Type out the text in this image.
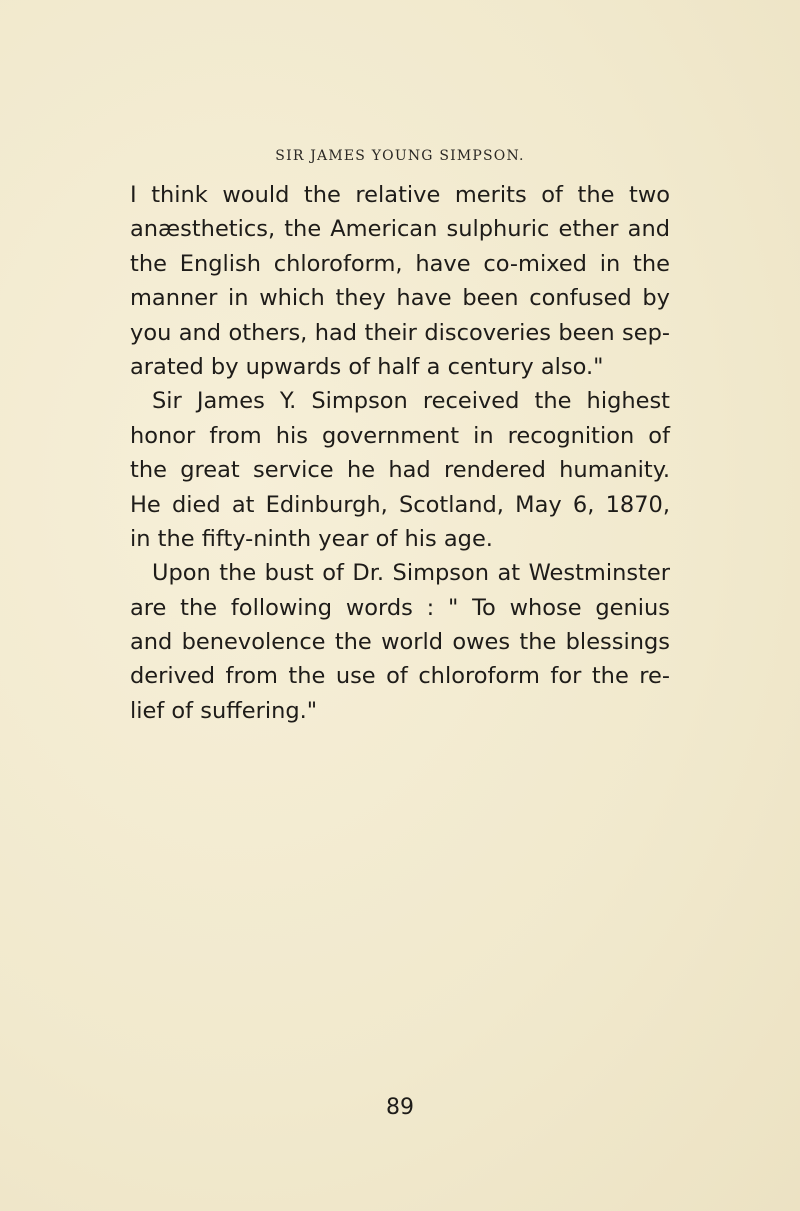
SIR JAMES YOUNG SIMPSON.
I think would the relative merits of the two
anæsthetics, the American sulphuric ether and
the English chloroform, have co-mixed in the
manner in which they have been confused by
you and others, had their discoveries been sep-
arated by upwards of half a century also."
Sir James Y. Simpson received the highest
honor from his government in recognition of
the great service he had rendered humanity.
He died at Edinburgh, Scotland, May 6, 1870,
in the fifty-ninth year of his age.
Upon the bust of Dr. Simpson at Westminster
are the following words : " To whose genius
and benevolence the world owes the blessings
derived from the use of chloroform for the re-
lief of suffering."
89
